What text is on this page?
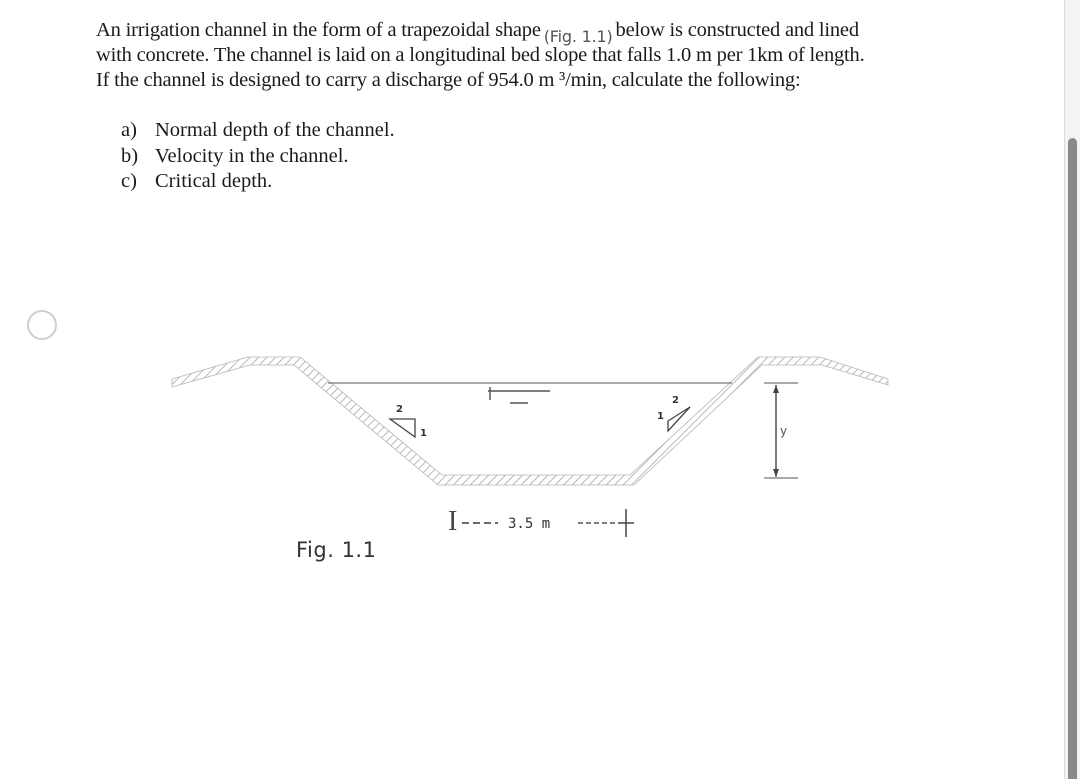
An irrigation channel in the form of a trapezoidal shape $_{(Fig. 1.1)}$ below is constructed and lined
with concrete. The channel is laid on a longitudinal bed slope that falls 1.0 m per 1km of length.
If the channel is designed to carry a discharge of 954.0 m ³/min, calculate the following:
a) Normal depth of the channel.
b) Velocity in the channel.
c) Critical depth.
2
1
2
1
y
I	3.5 m
Fig. 1.1
